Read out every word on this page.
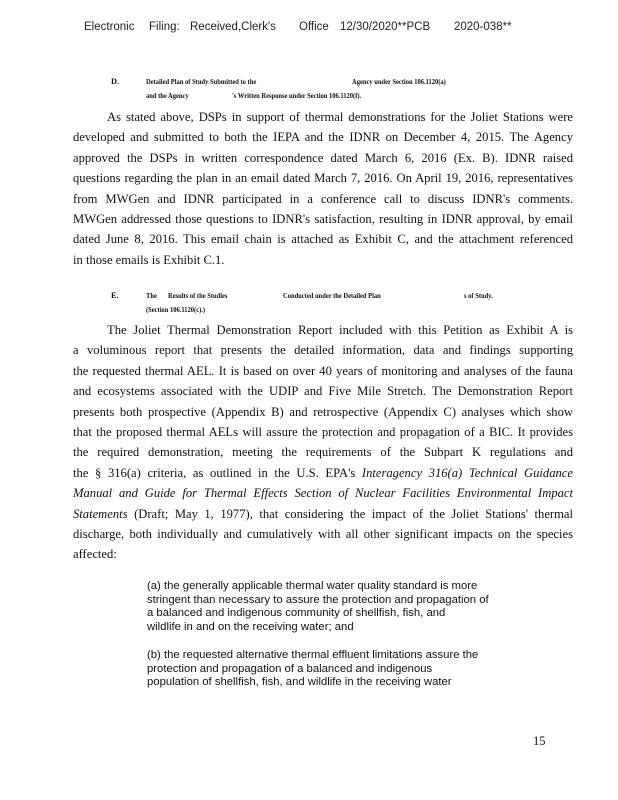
Electronic Filing: Received,Clerk's Office 12/30/2020**PCB 2020-038**
D.	Detailed Plan of Study Submitted to the	Agency under Section 106.1120(a)
and the Agency	's Written Response under Section 106.1120(f).
As stated above, DSPs in support of thermal demonstrations for the Joliet Stations were
developed and submitted to both the IEPA and the IDNR on December 4, 2015. The Agency
approved the DSPs in written correspondence dated March 6, 2016 (Ex. B). IDNR raised
questions regarding the plan in an email dated March 7, 2016. On April 19, 2016, representatives
from MWGen and IDNR participated in a conference call to discuss IDNR's comments.
MWGen addressed those questions to IDNR's satisfaction, resulting in IDNR approval, by email
dated June 8, 2016. This email chain is attached as Exhibit C, and the attachment referenced
in those emails is Exhibit C.1.
E.	The Results of the Studies	Conducted under the Detailed Plan	s of Study.
(Section 106.1120(c).)
The Joliet Thermal Demonstration Report included with this Petition as Exhibit A is
a voluminous report that presents the detailed information, data and findings supporting
the requested thermal AEL. It is based on over 40 years of monitoring and analyses of the fauna
and ecosystems associated with the UDIP and Five Mile Stretch. The Demonstration Report
presents both prospective (Appendix B) and retrospective (Appendix C) analyses which show
that the proposed thermal AELs will assure the protection and propagation of a BIC. It provides
the required demonstration, meeting the requirements of the Subpart K regulations and
the § 316(a) criteria, as outlined in the U.S. EPA's Interagency 316(a) Technical Guidance
Manual and Guide for Thermal Effects Section of Nuclear Facilities Environmental Impact
Statements (Draft; May 1, 1977), that considering the impact of the Joliet Stations' thermal
discharge, both individually and cumulatively with all other significant impacts on the species
affected:
(a) the generally applicable thermal water quality standard is more
stringent than necessary to assure the protection and propagation of
a balanced and indigenous community of shellfish, fish, and
wildlife in and on the receiving water; and
(b) the requested alternative thermal effluent limitations assure the
protection and propagation of a balanced and indigenous
population of shellfish, fish, and wildlife in the receiving water
15
